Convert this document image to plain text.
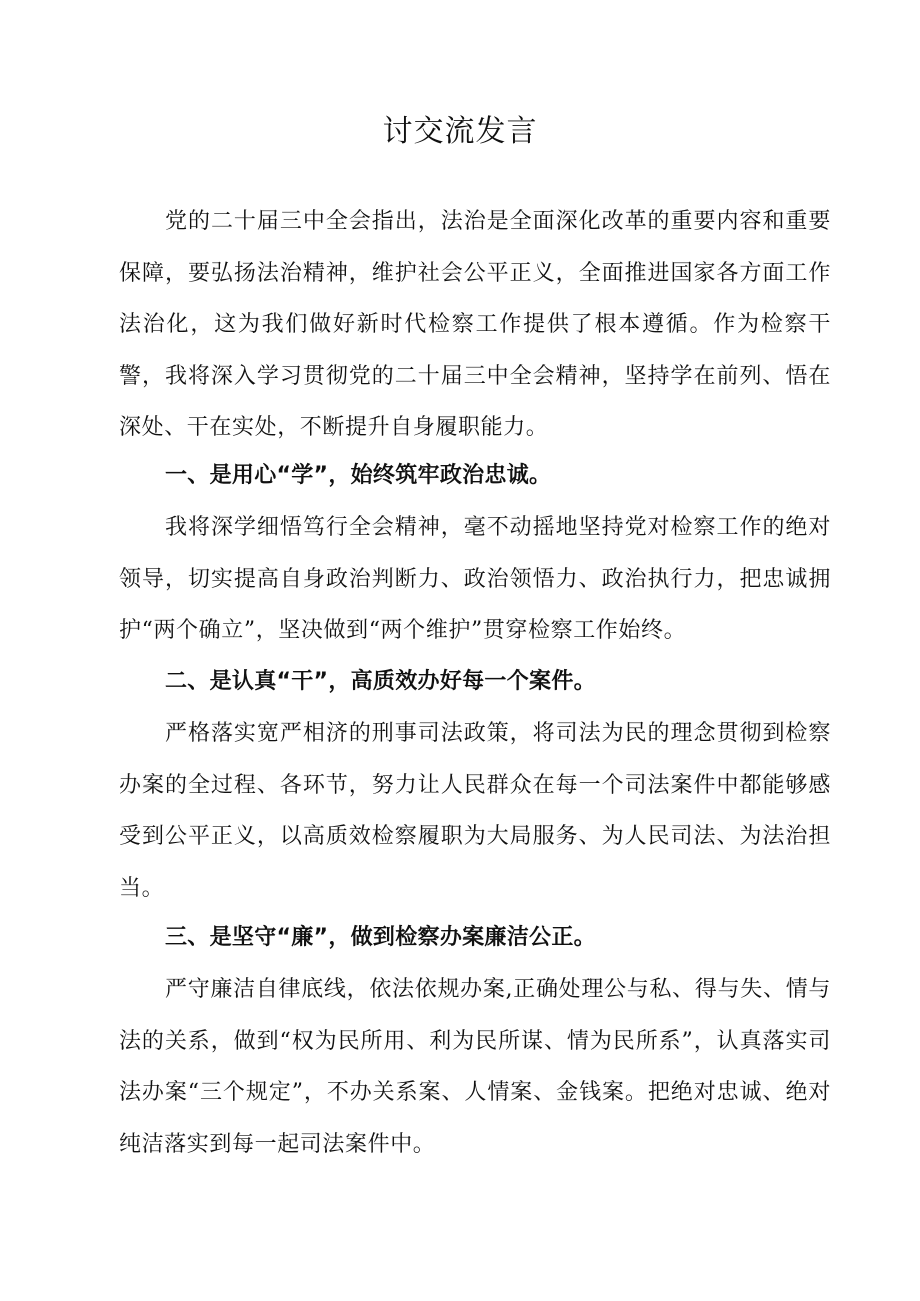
讨交流发言

党的二十届三中全会指出，法治是全面深化改革的重要内容和重要保障，要弘扬法治精神，维护社会公平正义，全面推进国家各方面工作法治化，这为我们做好新时代检察工作提供了根本遵循。作为检察干警，我将深入学习贯彻党的二十届三中全会精神，坚持学在前列、悟在深处、干在实处，不断提升自身履职能力。

一、是用心“学”，始终筑牢政治忠诚。

我将深学细悟笃行全会精神，毫不动摇地坚持党对检察工作的绝对领导，切实提高自身政治判断力、政治领悟力、政治执行力，把忠诚拥护“两个确立”，坚决做到“两个维护”贯穿检察工作始终。

二、是认真“干”，高质效办好每一个案件。

严格落实宽严相济的刑事司法政策，将司法为民的理念贯彻到检察办案的全过程、各环节，努力让人民群众在每一个司法案件中都能够感受到公平正义，以高质效检察履职为大局服务、为人民司法、为法治担当。

三、是坚守“廉”，做到检察办案廉洁公正。

严守廉洁自律底线，依法依规办案,正确处理公与私、得与失、情与法的关系，做到“权为民所用、利为民所谋、情为民所系”，认真落实司法办案“三个规定”，不办关系案、人情案、金钱案。把绝对忠诚、绝对纯洁落实到每一起司法案件中。
